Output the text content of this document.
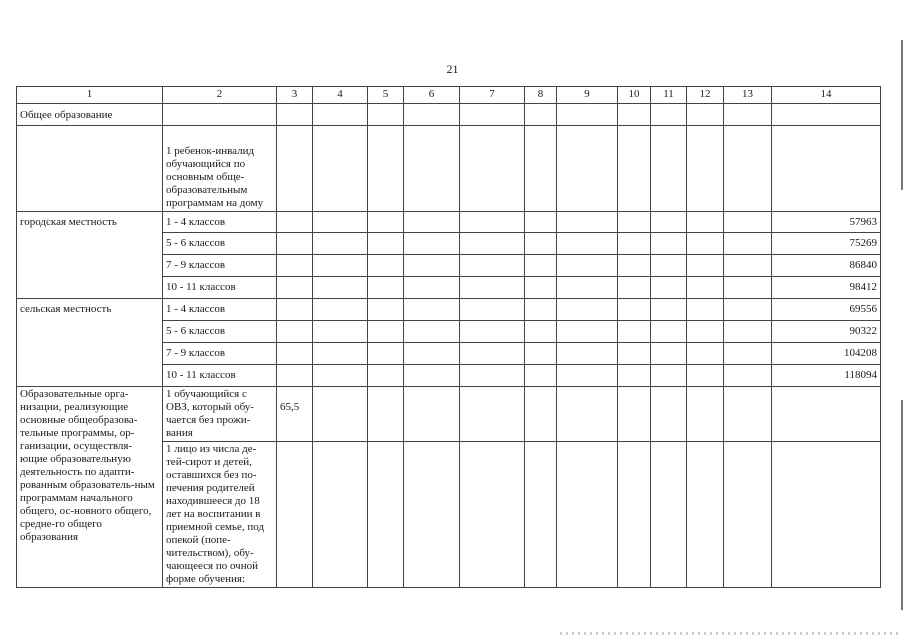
21
1	2	3	4	5	6	7	8	9	10	11	12	13	14
Общее образование													
	1 ребенок-инвалид обучающийся по основным обще-образовательным программам на дому												
городская местность	1 - 4 классов												57963
	5 - 6 классов												75269
	7 - 9 классов												86840
	10 - 11 классов												98412
сельская местность	1 - 4 классов												69556
	5 - 6 классов												90322
	7 - 9 классов												104208
	10 - 11 классов												118094
Образовательные орга-низации, реализующие основные общеобразова-тельные программы, ор-ганизации, осуществля-ющие образовательную деятельность по адапти-рованным образователь-ным программам начального общего, ос-новного общего, средне-го общего образования	1 обучающийся с ОВЗ, который обу-чается без прожи-вания	65,5											
	1 лицо из числа де-тей-сирот и детей, оставшихся без по-печения родителей находившееся до 18 лет на воспитании в приемной семье, под опекой (попе-чительством), обу-чающееся по очной форме обучения:												
